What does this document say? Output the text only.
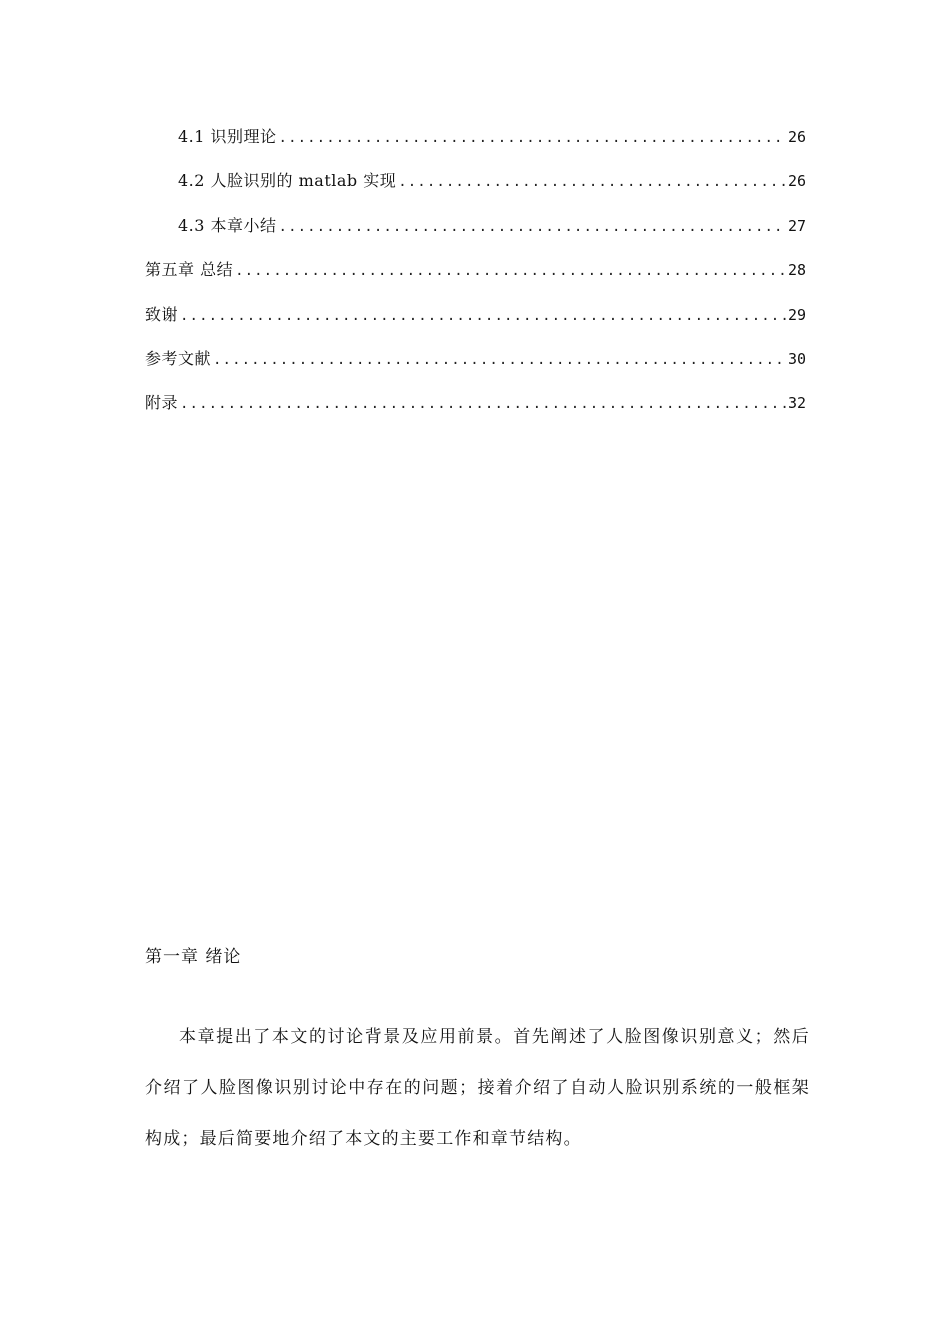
4.1 识别理论 .....	26
4.2 人脸识别的 matlab 实现 .....	26
4.3 本章小结 .....	27
第五章 总结 .....	28
致谢 .....	29
参考文献 .....	30
附录 .....	32
第一章 绪论

本章提出了本文的讨论背景及应用前景。首先阐述了人脸图像识别意义；然后介绍了人脸图像识别讨论中存在的问题；接着介绍了自动人脸识别系统的一般框架构成；最后简要地介绍了本文的主要工作和章节结构。
